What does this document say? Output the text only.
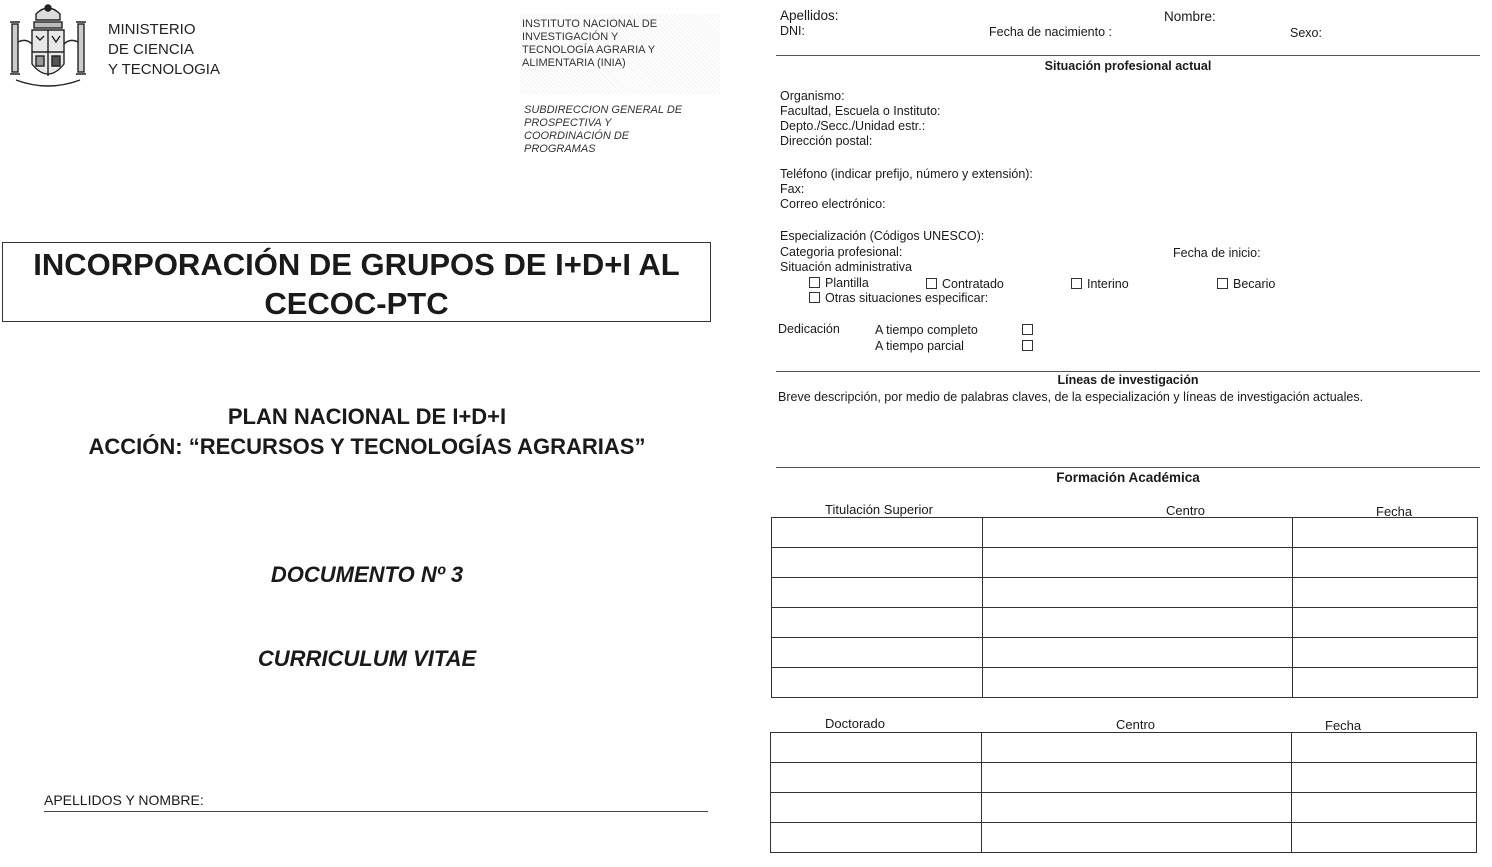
MINISTERIO
DE CIENCIA
Y TECNOLOGIA
INSTITUTO NACIONAL DE
INVESTIGACIÓN Y
TECNOLOGÍA AGRARIA Y
ALIMENTARIA (INIA)
SUBDIRECCION GENERAL DE
PROSPECTIVA Y
COORDINACIÓN DE
PROGRAMAS
INCORPORACIÓN DE GRUPOS DE I+D+I AL
CECOC-PTC
PLAN NACIONAL DE I+D+I
ACCIÓN: “RECURSOS Y TECNOLOGÍAS AGRARIAS”
DOCUMENTO Nº 3
CURRICULUM VITAE
APELLIDOS Y NOMBRE:
Apellidos:	Nombre:
DNI:	Fecha de nacimiento :	Sexo:
Situación profesional actual
Organismo:
Facultad, Escuela o Instituto:
Depto./Secc./Unidad estr.:
Dirección postal:
Teléfono (indicar prefijo, número y extensión):
Fax:
Correo electrónico:
Especialización (Códigos UNESCO):
Categoria profesional:	Fecha de inicio:
Situación administrativa
Plantilla	Contratado	Interino	Becario
Otras situaciones especificar:
Dedicación	A tiempo completo
A tiempo parcial
Líneas de investigación
Breve descripción, por medio de palabras claves, de la especialización y líneas de investigación actuales.
Formación Académica
Titulación Superior	Centro	Fecha

Doctorado	Centro	Fecha
